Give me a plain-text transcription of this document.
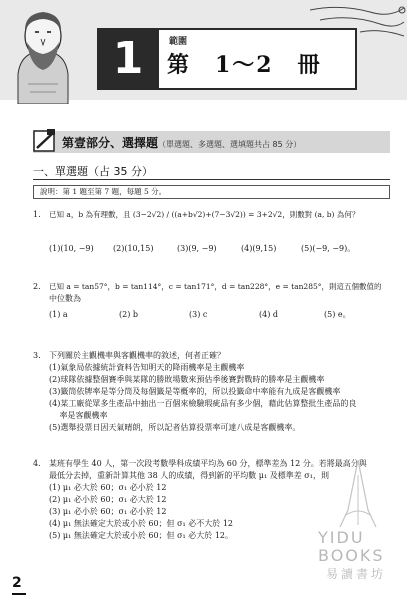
1	範圍
第　1～2　冊
第壹部分、選擇題（單選題、多選題、選填題共占 85 分）
一、單選題（占 35 分）
說明：第 1 題至第 7 題，每題 5 分。
1.	已知 a，b 為有理數，且 (3−2√2) / ((a+b√2)+(7−3√2)) = 3+2√2，則數對 (a, b) 為何？
(1)(10, −9) (2)(10,15)	(3)(9, −9)	(4)(9,15)	(5)(−9, −9)。
2.	已知 a = tan57°，b = tan114°，c = tan171°，d = tan228°，e = tan285°，則這五個數值的
中位數為
(1) a	(2) b	(3) c	(4) d	(5) e。
3.	下列關於主觀機率與客觀機率的敘述，何者正確？
(1)氣象局依據統計資料告知明天的降雨機率是主觀機率
(2)球隊依據整個賽季與某隊的勝敗場數來預估季後賽對戰時的勝率是主觀機率
(3)籤筒依牌率是等分筒及每個籤是等概率的，所以投籤命中率能有九成是客觀機率
(4)某工廠從眾多生產品中抽出一百個來檢驗瑕疵品有多少個，藉此估算整批生產品的良
　 率是客觀機率
(5)選舉投票日因天氣晴朗，所以記者估算投票率可達八成是客觀機率。
4.	某班有學生 40 人，第一次段考數學科成績平均為 60 分，標準差為 12 分。若將最高分與
最低分去掉，重新計算其他 38 人的成績，得到新的平均數 μ₁ 及標準差 σ₁，則
(1) μ₁ 必大於 60；σ₁ 必小於 12
(2) μ₁ 必小於 60；σ₁ 必大於 12
(3) μ₁ 必小於 60；σ₁ 必小於 12
(4) μ₁ 無法確定大於或小於 60；但 σ₁ 必不大於 12
(5) μ₁ 無法確定大於或小於 60；但 σ₁ 必大於 12。	YIDU
BOOKS
易讀書坊
2
